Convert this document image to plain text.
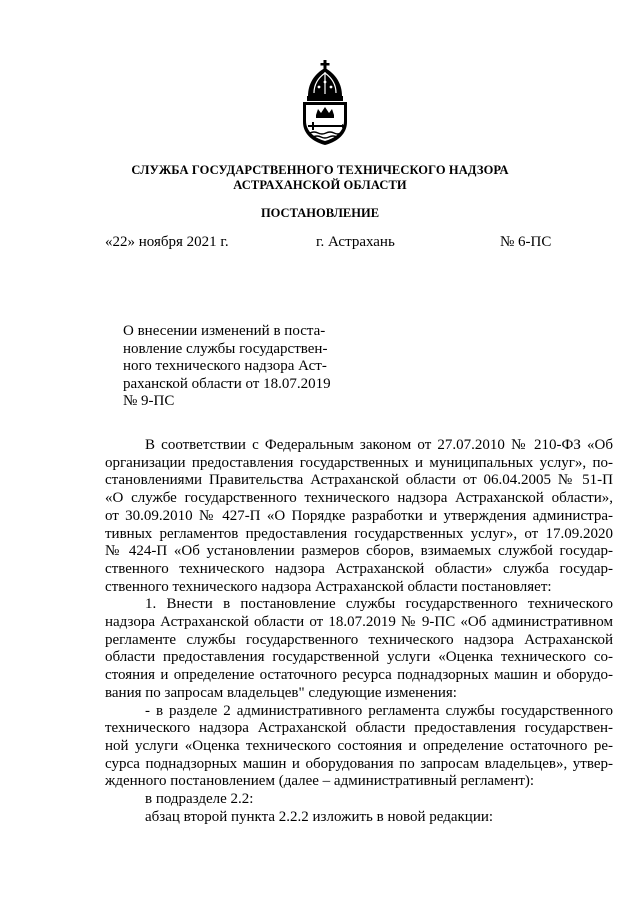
СЛУЖБА ГОСУДАРСТВЕННОГО ТЕХНИЧЕСКОГО НАДЗОРА
АСТРАХАНСКОЙ ОБЛАСТИ
ПОСТАНОВЛЕНИЕ
«22» ноября 2021 г.	г. Астрахань	№ 6-ПС
О внесении изменений в поста-
новление службы государствен-
ного технического надзора Аст-
раханской области от 18.07.2019
№ 9-ПС
В соответствии с Федеральным законом от 27.07.2010 № 210-ФЗ «Об
организации предоставления государственных и муниципальных услуг», по-
становлениями Правительства Астраханской области от 06.04.2005 № 51-П
«О службе государственного технического надзора Астраханской области»,
от 30.09.2010 № 427-П «О Порядке разработки и утверждения администра-
тивных регламентов предоставления государственных услуг», от 17.09.2020
№ 424-П «Об установлении размеров сборов, взимаемых службой государ-
ственного технического надзора Астраханской области» служба государ-
ственного технического надзора Астраханской области постановляет:
1. Внести в постановление службы государственного технического
надзора Астраханской области от 18.07.2019 № 9-ПС «Об административном
регламенте службы государственного технического надзора Астраханской
области предоставления государственной услуги «Оценка технического со-
стояния и определение остаточного ресурса поднадзорных машин и оборудо-
вания по запросам владельцев" следующие изменения:
- в разделе 2 административного регламента службы государственного
технического надзора Астраханской области предоставления государствен-
ной услуги «Оценка технического состояния и определение остаточного ре-
сурса поднадзорных машин и оборудования по запросам владельцев», утвер-
жденного постановлением (далее – административный регламент):
в подразделе 2.2:
абзац второй пункта 2.2.2 изложить в новой редакции:
